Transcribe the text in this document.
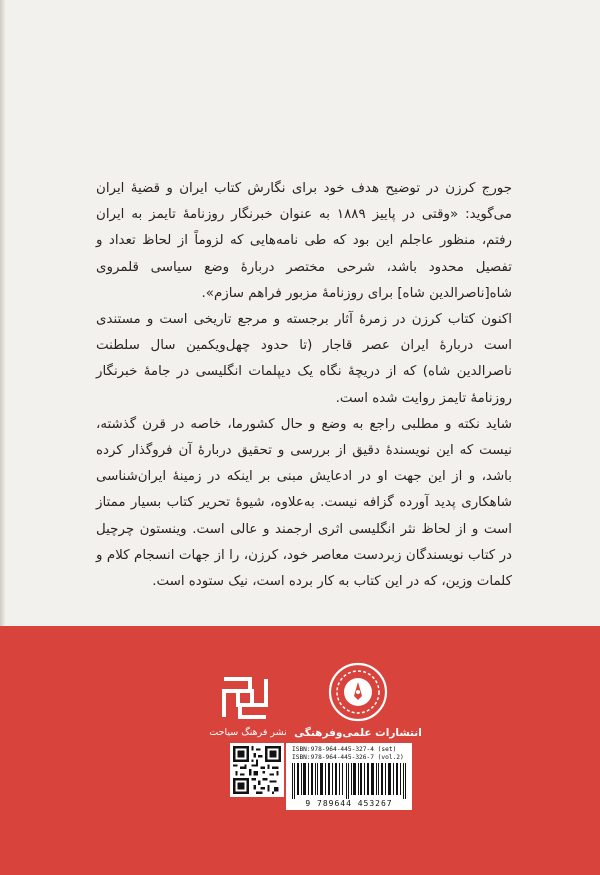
جورج کرزن در توضیح هدف خود برای نگارش کتاب ایران و قضیهٔ ایران می‌گوید: «وقتی در پاییز ۱۸۸۹ به عنوان خبرنگار روزنامهٔ تایمز به ایران رفتم، منظور عاجلم این بود که طی نامه‌هایی که لزوماً از لحاظ تعداد و تفصیل محدود باشد، شرحی مختصر دربارهٔ وضع سیاسی قلمروی شاه[ناصرالدین شاه] برای روزنامهٔ مزبور فراهم سازم».

اکنون کتاب کرزن در زمرهٔ آثار برجسته و مرجع تاریخی است و مستندی است دربارهٔ ایران عصر قاجار (تا حدود چهل‌ویکمین سال سلطنت ناصرالدین شاه) که از دریچهٔ نگاه یک دیپلمات انگلیسی در جامهٔ خبرنگار روزنامهٔ تایمز روایت شده است.

شاید نکته و مطلبی راجع به وضع و حال کشورما، خاصه در قرن گذشته، نیست که این نویسندهٔ دقیق از بررسی و تحقیق دربارهٔ آن فروگذار کرده باشد، و از این جهت او در ادعایش مبنی بر اینکه در زمینهٔ ایران‌شناسی شاهکاری پدید آورده گزافه نیست. به‌علاوه، شیوهٔ تحریر کتاب بسیار ممتاز است و از لحاظ نثر انگلیسی اثری ارجمند و عالی است. وینستون چرچیل در کتاب نویسندگان زبردست معاصر خود، کرزن، را از جهات انسجام کلام و کلمات وزین، که در این کتاب به کار برده است، نیک ستوده است.

انتشارات علمی‌وفرهنگی
نشر فرهنگ سیاحت
ISBN:978-964-445-327-4 (set)
ISBN:978-964-445-326-7 (vol.2)
9 789644 453267
